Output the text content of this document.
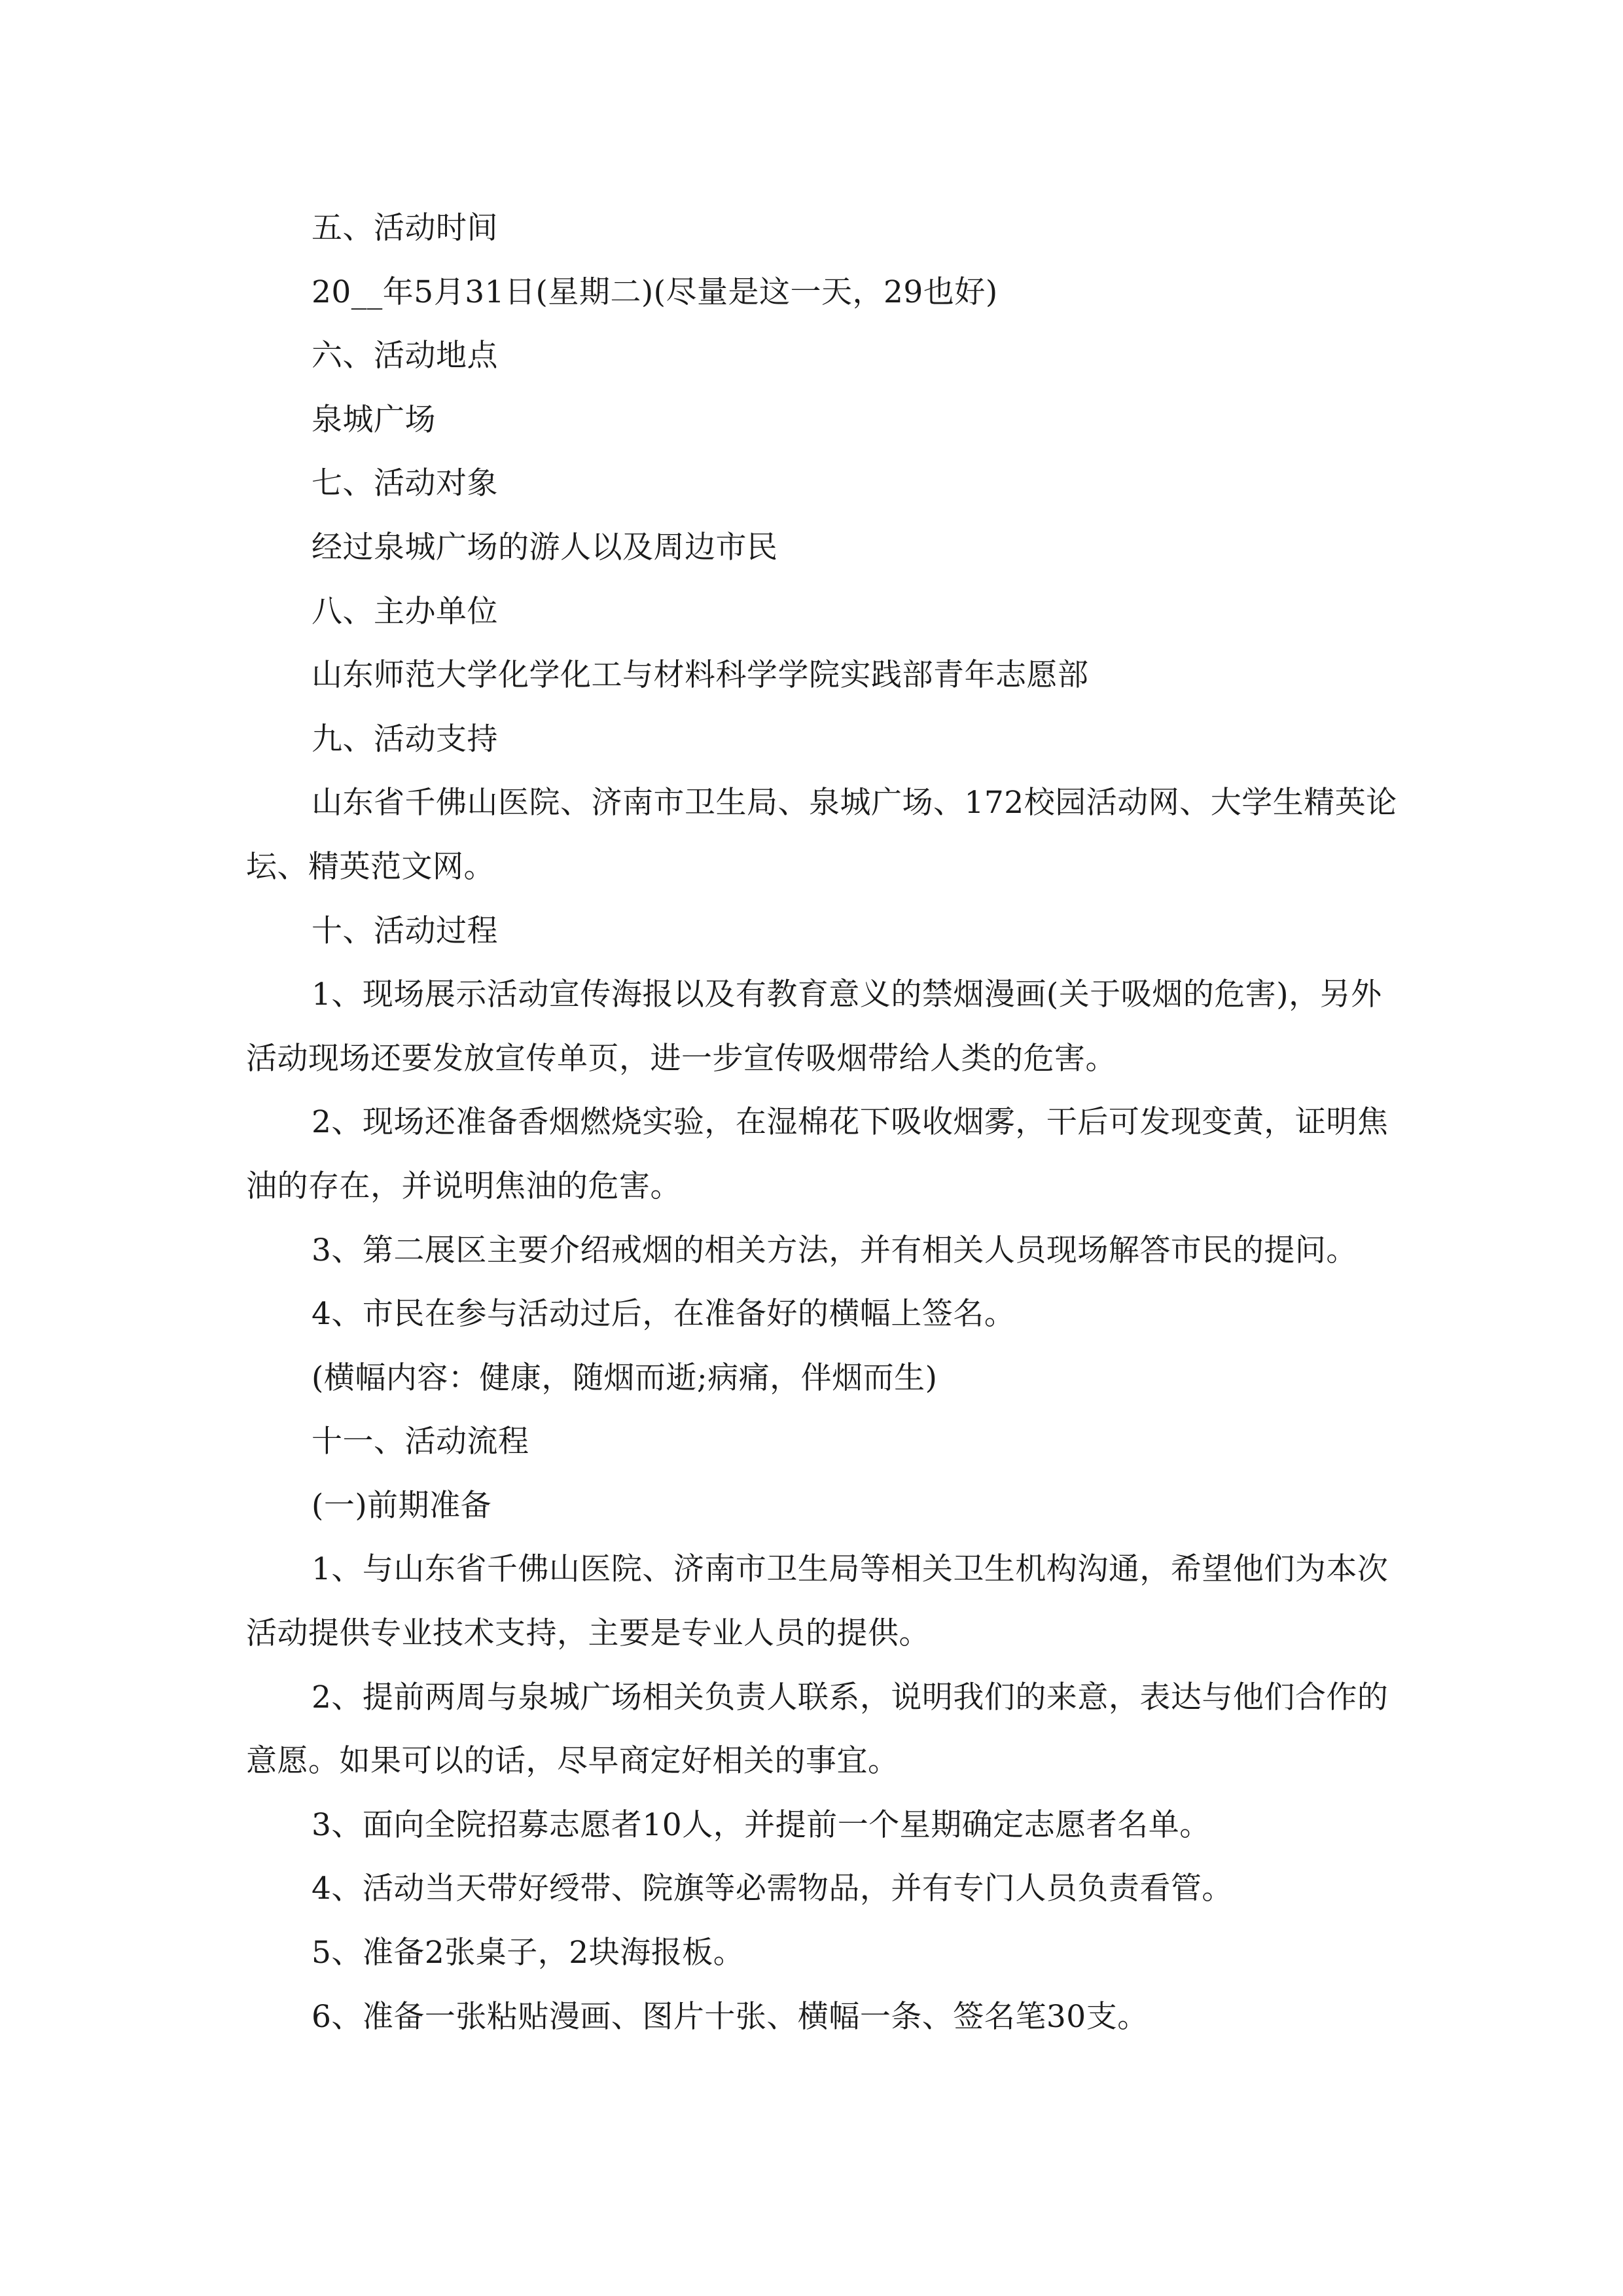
五、活动时间

20__年5月31日(星期二)(尽量是这一天，29也好)

六、活动地点

泉城广场

七、活动对象

经过泉城广场的游人以及周边市民

八、主办单位

山东师范大学化学化工与材料科学学院实践部青年志愿部

九、活动支持

山东省千佛山医院、济南市卫生局、泉城广场、172校园活动网、大学生精英论坛、精英范文网。

十、活动过程

1、现场展示活动宣传海报以及有教育意义的禁烟漫画(关于吸烟的危害)，另外活动现场还要发放宣传单页，进一步宣传吸烟带给人类的危害。

2、现场还准备香烟燃烧实验，在湿棉花下吸收烟雾，干后可发现变黄，证明焦油的存在，并说明焦油的危害。

3、第二展区主要介绍戒烟的相关方法，并有相关人员现场解答市民的提问。

4、市民在参与活动过后，在准备好的横幅上签名。

(横幅内容：健康，随烟而逝;病痛，伴烟而生)

十一、活动流程

(一)前期准备

1、与山东省千佛山医院、济南市卫生局等相关卫生机构沟通，希望他们为本次活动提供专业技术支持，主要是专业人员的提供。

2、提前两周与泉城广场相关负责人联系，说明我们的来意，表达与他们合作的意愿。如果可以的话，尽早商定好相关的事宜。

3、面向全院招募志愿者10人，并提前一个星期确定志愿者名单。

4、活动当天带好绶带、院旗等必需物品，并有专门人员负责看管。

5、准备2张桌子，2块海报板。

6、准备一张粘贴漫画、图片十张、横幅一条、签名笔30支。
